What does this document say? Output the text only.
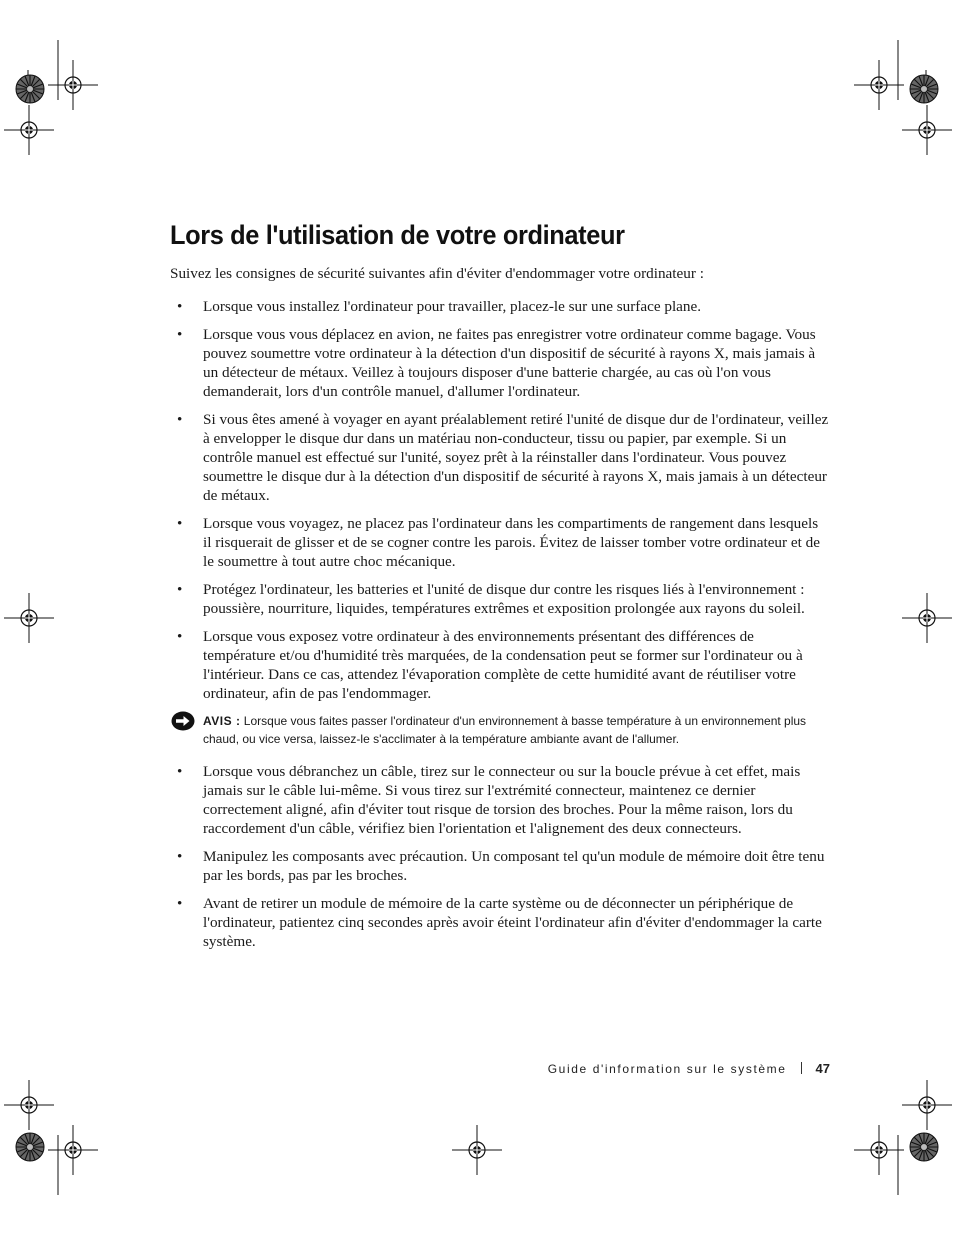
Lors de l'utilisation de votre ordinateur

Suivez les consignes de sécurité suivantes afin d'éviter d'endommager votre ordinateur :

• Lorsque vous installez l'ordinateur pour travailler, placez-le sur une surface plane.
• Lorsque vous vous déplacez en avion, ne faites pas enregistrer votre ordinateur comme bagage. Vous pouvez soumettre votre ordinateur à la détection d'un dispositif de sécurité à rayons X, mais jamais à un détecteur de métaux. Veillez à toujours disposer d'une batterie chargée, au cas où l'on vous demanderait, lors d'un contrôle manuel, d'allumer l'ordinateur.
• Si vous êtes amené à voyager en ayant préalablement retiré l'unité de disque dur de l'ordinateur, veillez à envelopper le disque dur dans un matériau non-conducteur, tissu ou papier, par exemple. Si un contrôle manuel est effectué sur l'unité, soyez prêt à la réinstaller dans l'ordinateur. Vous pouvez soumettre le disque dur à la détection d'un dispositif de sécurité à rayons X, mais jamais à un détecteur de métaux.
• Lorsque vous voyagez, ne placez pas l'ordinateur dans les compartiments de rangement dans lesquels il risquerait de glisser et de se cogner contre les parois. Évitez de laisser tomber votre ordinateur et de le soumettre à tout autre choc mécanique.
• Protégez l'ordinateur, les batteries et l'unité de disque dur contre les risques liés à l'environnement : poussière, nourriture, liquides, températures extrêmes et exposition prolongée aux rayons du soleil.
• Lorsque vous exposez votre ordinateur à des environnements présentant des différences de température et/ou d'humidité très marquées, de la condensation peut se former sur l'ordinateur ou à l'intérieur. Dans ce cas, attendez l'évaporation complète de cette humidité avant de réutiliser votre ordinateur, afin de pas l'endommager.
AVIS : Lorsque vous faites passer l'ordinateur d'un environnement à basse température à un environnement plus chaud, ou vice versa, laissez-le s'acclimater à la température ambiante avant de l'allumer.
• Lorsque vous débranchez un câble, tirez sur le connecteur ou sur la boucle prévue à cet effet, mais jamais sur le câble lui-même. Si vous tirez sur l'extrémité connecteur, maintenez ce dernier correctement aligné, afin d'éviter tout risque de torsion des broches. Pour la même raison, lors du raccordement d'un câble, vérifiez bien l'orientation et l'alignement des deux connecteurs.
• Manipulez les composants avec précaution. Un composant tel qu'un module de mémoire doit être tenu par les bords, pas par les broches.
• Avant de retirer un module de mémoire de la carte système ou de déconnecter un périphérique de l'ordinateur, patientez cinq secondes après avoir éteint l'ordinateur afin d'éviter d'endommager la carte système.
Guide d'information sur le système 47
